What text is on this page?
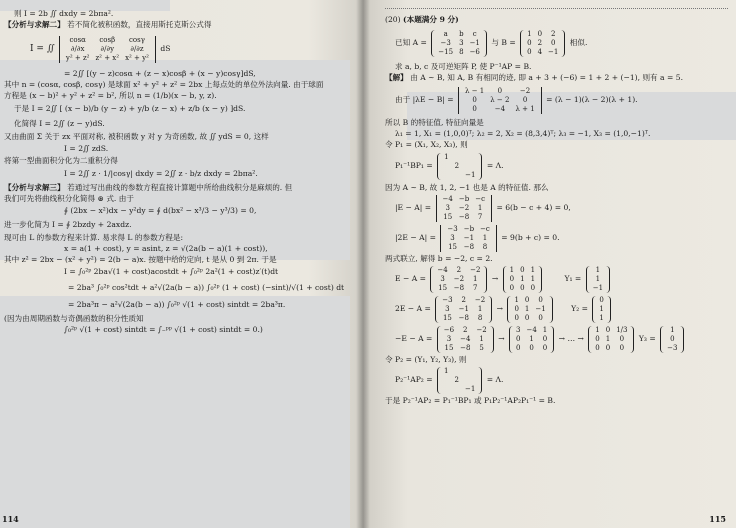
则 I = 2b ∬ dxdy = 2bπa².
【分析与求解二】 若不简化被积函数，直接用斯托克斯公式得
I = ∬
cosα	cosβ	cosγ
∂/∂x	∂/∂y	∂/∂z
y² + z²	z² + x²	x² + y²
dS
= 2∬ [(y − z)cosα + (z − x)cosβ + (x − y)cosγ]dS,
其中 n = (cosα, cosβ, cosγ) 是球面 x² + y² + z² = 2bx 上每点处的单位外法向量. 由于球面
方程是 (x − b)² + y² + z² = b², 所以 n = (1/b)(x − b, y, z).
于是 I = 2∬ [ (x − b)/b (y − z) + y/b (z − x) + z/b (x − y) ]dS.
化简得 I = 2∬ (z − y)dS.
又由曲面 Σ 关于 zx 平面对称, 被积函数 y 对 y 为奇函数, 故 ∬ ydS = 0, 这样
I = 2∬ zdS.
将第一型曲面积分化为二重积分得
I = 2∬ z · 1/|cosγ| dxdy = 2∬ z · b/z dxdy = 2bπa².
【分析与求解三】 若通过写出曲线的参数方程直接计算题中所给曲线积分是麻烦的. 但
我们可先将曲线积分化简得 ⊛ 式. 由于
∮ (2bx − x²)dx − y²dy = ∮ d(bx² − x³/3 − y³/3) = 0,
进一步化简为 I = ∮ 2bzdy + 2axdz.
现可由 L 的参数方程来计算. 易求得 L 的参数方程是:
x = a(1 + cost), y = asint, z = √(2a(b − a)(1 + cost)),
其中 z² = 2bx − (x² + y²) = 2(b − a)x. 按题中给的定向, t 是从 0 到 2π. 于是
I = ∫₀²ᵖ 2ba√(1 + cost)acostdt + ∫₀²ᵖ 2a²(1 + cost)z′(t)dt
= 2ba³ ∫₀²ᵖ cos²tdt + a²√(2a(b − a)) ∫₀²ᵖ (1 + cost) (−sint)/√(1 + cost) dt
= 2ba³π − a²√(2a(b − a)) ∫₀²ᵖ √(1 + cost) sintdt = 2ba³π.
(因为由周期函数与奇偶函数的积分性质知
∫₀²ᵖ √(1 + cost) sintdt = ∫₋ᵖᵖ √(1 + cost) sintdt = 0.)
114
(20) (本题满分 9 分)
已知 A =
a	b	c
−3	3	−1
−15	8	−6
与 B =
1	0	2
0	2	0
0	4	−1
相似.
求 a, b, c 及可逆矩阵 P, 使 P⁻¹AP = B.
【解】 由 A ~ B, 知 A, B 有相同的迹, 即 a + 3 + (−6) = 1 + 2 + (−1), 则有 a = 5.
由于 |λE − B| =
λ − 1	0	−2
0	λ − 2	0
0	−4	λ + 1
= (λ − 1)(λ − 2)(λ + 1).
所以 B 的特征值, 特征向量是
λ₁ = 1, X₁ = (1,0,0)ᵀ; λ₂ = 2, X₂ = (8,3,4)ᵀ; λ₃ = −1, X₃ = (1,0,−1)ᵀ.
令 P₁ = (X₁, X₂, X₃), 则
P₁⁻¹BP₁ =
1		
	2	
		−1
= Λ.
因为 A ~ B, 故 1, 2, −1 也是 A 的特征值. 那么
|E − A| =
−4	−b	−c
3	−2	1
15	−8	7
= 6(b − c + 4) = 0,
|2E − A| =
−3	−b	−c
3	−1	1
15	−8	8
= 9(b + c) = 0.
两式联立, 解得 b = −2, c = 2.
E − A =
−4	2	−2
3	−2	1
15	−8	7
→
1	0	1
0	1	1
0	0	0
Y₁ =
1
1
−1
2E − A =
−3	2	−2
3	−1	1
15	−8	8
→
1	0	0
0	1	−1
0	0	0
Y₂ =
0
1
1
−E − A =
−6	2	−2
3	−4	1
15	−8	5
→
3	−4	1
0	1	0
0	0	0
→ … →
1	0	1/3
0	1	0
0	0	0
Y₃ =
1
0
−3
令 P₂ = (Y₁, Y₂, Y₃), 则
P₂⁻¹AP₂ =
1		
	2	
		−1
= Λ.
于是 P₂⁻¹AP₂ = P₁⁻¹BP₁ 或 P₁P₂⁻¹AP₂P₁⁻¹ = B.
115
